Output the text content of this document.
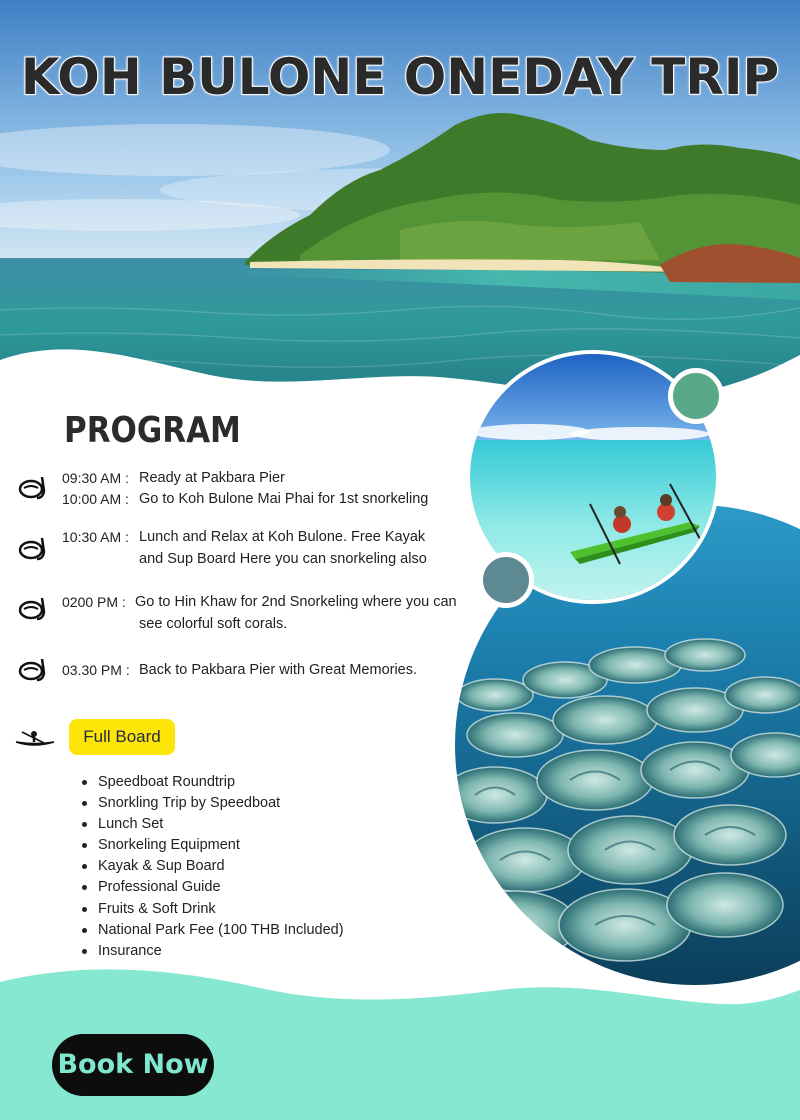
KOH BULONE ONEDAY TRIP
PROGRAM
09:30 AM : Ready at Pakbara Pier
10:00 AM : Go to Koh Bulone Mai Phai for 1st snorkeling
10:30 AM : Lunch and Relax at Koh Bulone. Free Kayak
and Sup Board Here you can snorkeling also
0200 PM : Go to Hin Khaw for 2nd Snorkeling where you can
see colorful soft corals.
03.30 PM : Back to Pakbara Pier with Great Memories.
Full Board
Speedboat Roundtrip
Snorkling Trip by Speedboat
Lunch Set
Snorkeling Equipment
Kayak & Sup Board
Professional Guide
Fruits & Soft Drink
National Park Fee (100 THB Included)
Insurance
Book Now
